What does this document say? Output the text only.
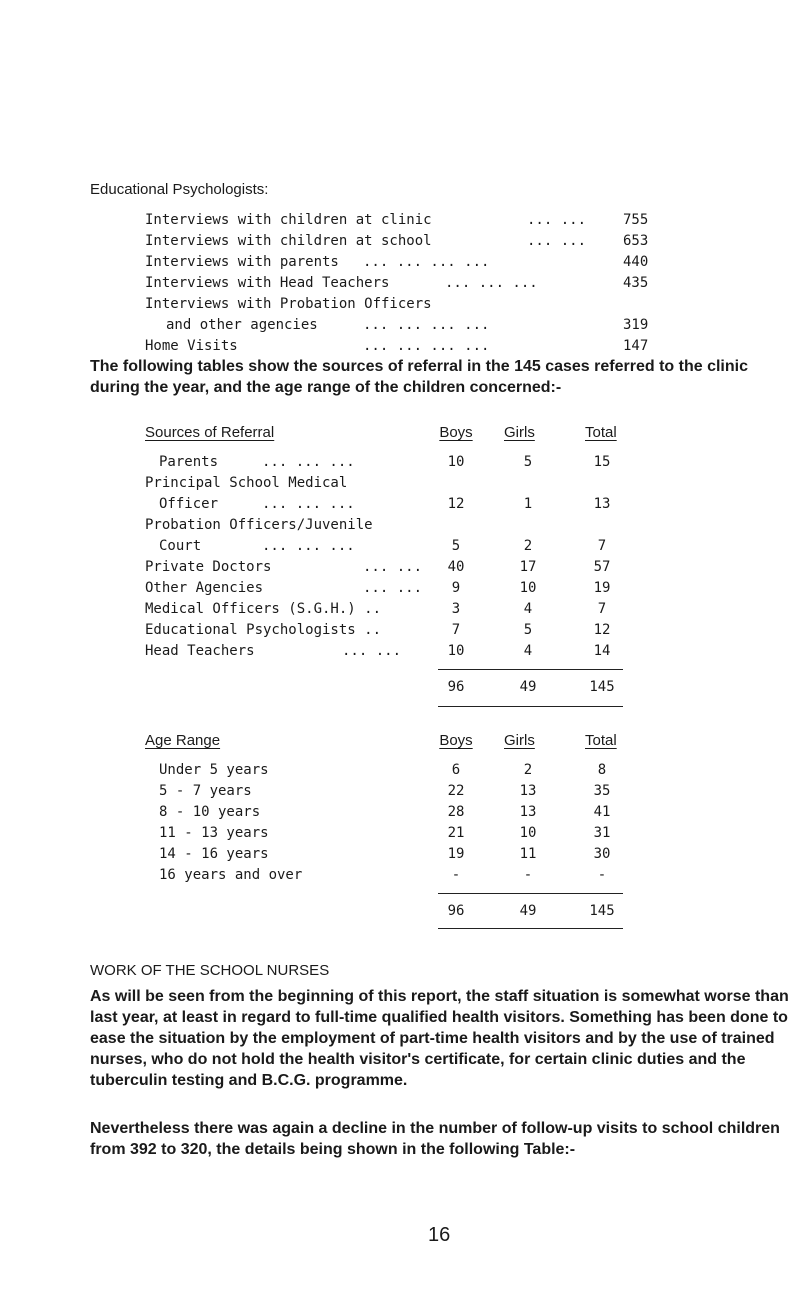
Educational Psychologists:
Interviews with children at clinic	... ...	755
Interviews with children at school	... ...	653
Interviews with parents ... ... ... ...	440
Interviews with Head Teachers	... ... ...	435
Interviews with Probation Officers
and other agencies	... ... ... ...	319
Home Visits	... ... ... ...	147
The following tables show the sources of referral in the 145 cases referred to the clinic during the year, and the age range of the children concerned:-
Sources of Referral	Boys	Girls	Total
Parents	... ... ...	10	5	15
Principal School Medical
Officer	... ... ...	12	1	13
Probation Officers/Juvenile
Court	... ... ...	5	2	7
Private Doctors	... ...	40	17	57
Other Agencies	... ...	9	10	19
Medical Officers (S.G.H.) ..	3	4	7
Educational Psychologists ..	7	5	12
Head Teachers	... ...	10	4	14
96	49	145
Age Range	Boys	Girls	Total
Under 5 years	6	2	8
5 - 7 years	22	13	35
8 - 10 years	28	13	41
11 - 13 years	21	10	31
14 - 16 years	19	11	30
16 years and over	-	-	-
96	49	145
WORK OF THE SCHOOL NURSES
As will be seen from the beginning of this report, the staff situation is somewhat worse than last year, at least in regard to full-time qualified health visitors. Something has been done to ease the situation by the employment of part-time health visitors and by the use of trained nurses, who do not hold the health visitor's certificate, for certain clinic duties and the tuberculin testing and B.C.G. programme.
Nevertheless there was again a decline in the number of follow-up visits to school children from 392 to 320, the details being shown in the following Table:-
16
